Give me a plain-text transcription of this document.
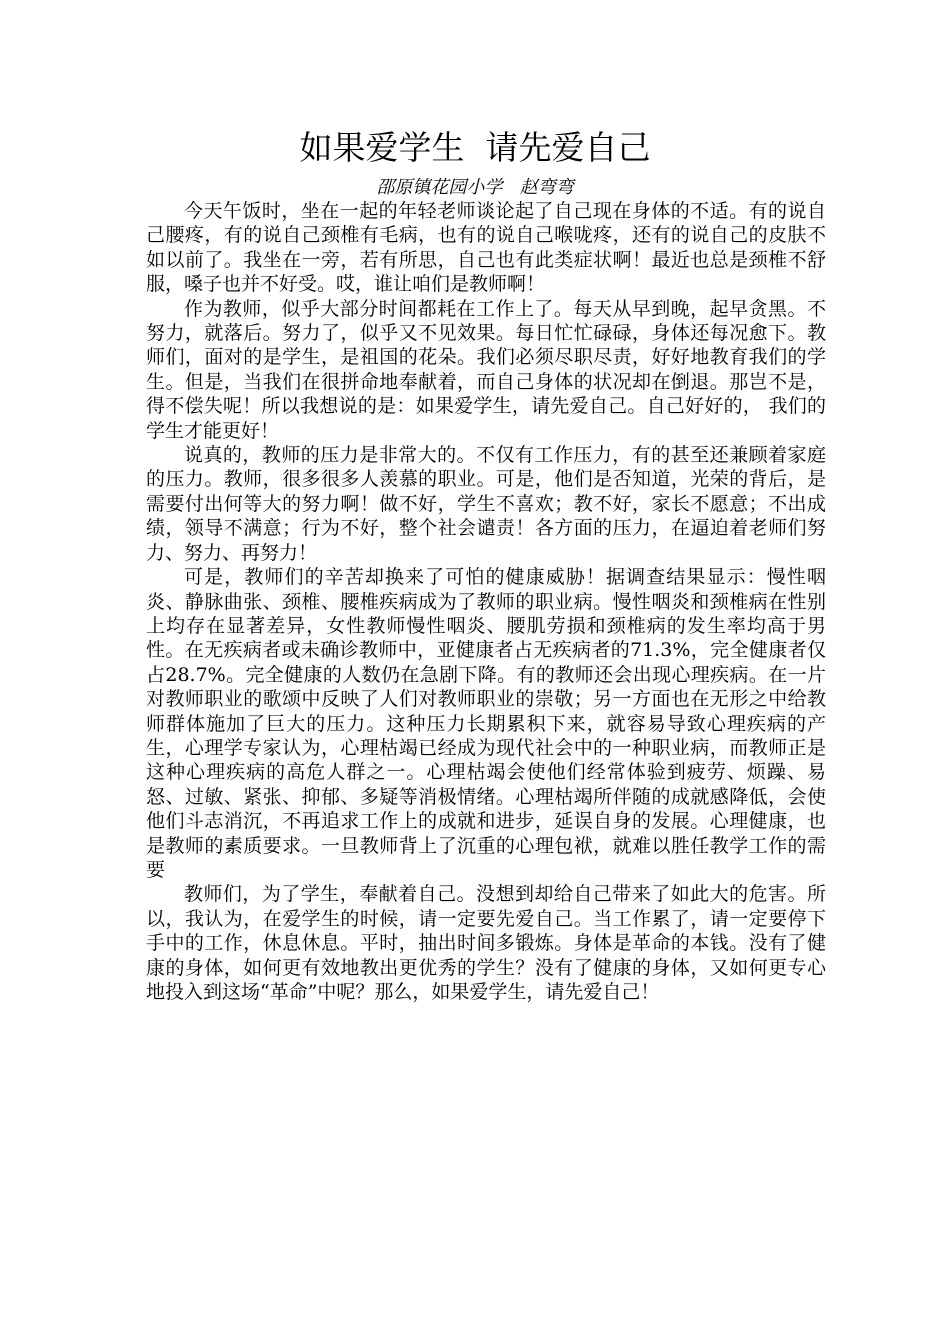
如果爱学生  请先爱自己
邵原镇花园小学   赵弯弯

今天午饭时，坐在一起的年轻老师谈论起了自己现在身体的不适。有的说自己腰疼，有的说自己颈椎有毛病，也有的说自己喉咙疼，还有的说自己的皮肤不如以前了。我坐在一旁，若有所思，自己也有此类症状啊！最近也总是颈椎不舒服，嗓子也并不好受。哎，谁让咱们是教师啊！

作为教师，似乎大部分时间都耗在工作上了。每天从早到晚，起早贪黑。不努力，就落后。努力了，似乎又不见效果。每日忙忙碌碌，身体还每况愈下。教师们，面对的是学生，是祖国的花朵。我们必须尽职尽责，好好地教育我们的学生。但是，当我们在很拼命地奉献着，而自己身体的状况却在倒退。那岂不是，得不偿失呢！所以我想说的是：如果爱学生，请先爱自己。自己好好的， 我们的学生才能更好！

说真的，教师的压力是非常大的。不仅有工作压力，有的甚至还兼顾着家庭的压力。教师，很多很多人羡慕的职业。可是，他们是否知道，光荣的背后，是需要付出何等大的努力啊！做不好，学生不喜欢；教不好，家长不愿意；不出成绩，领导不满意；行为不好，整个社会谴责！各方面的压力，在逼迫着老师们努力、努力、再努力！

可是，教师们的辛苦却换来了可怕的健康威胁！据调查结果显示：慢性咽炎、静脉曲张、颈椎、腰椎疾病成为了教师的职业病。慢性咽炎和颈椎病在性别上均存在显著差异，女性教师慢性咽炎、腰肌劳损和颈椎病的发生率均高于男性。在无疾病者或未确诊教师中，亚健康者占无疾病者的71.3%，完全健康者仅占28.7%。完全健康的人数仍在急剧下降。有的教师还会出现心理疾病。在一片对教师职业的歌颂中反映了人们对教师职业的崇敬；另一方面也在无形之中给教师群体施加了巨大的压力。这种压力长期累积下来，就容易导致心理疾病的产生，心理学专家认为，心理枯竭已经成为现代社会中的一种职业病，而教师正是这种心理疾病的高危人群之一。心理枯竭会使他们经常体验到疲劳、烦躁、易怒、过敏、紧张、抑郁、多疑等消极情绪。心理枯竭所伴随的成就感降低，会使他们斗志消沉，不再追求工作上的成就和进步，延误自身的发展。心理健康，也是教师的素质要求。一旦教师背上了沉重的心理包袱，就难以胜任教学工作的需要

教师们，为了学生，奉献着自己。没想到却给自己带来了如此大的危害。所以，我认为，在爱学生的时候，请一定要先爱自己。当工作累了，请一定要停下手中的工作，休息休息。平时，抽出时间多锻炼。身体是革命的本钱。没有了健康的身体，如何更有效地教出更优秀的学生？没有了健康的身体，又如何更专心地投入到这场“革命”中呢？那么，如果爱学生，请先爱自己！
